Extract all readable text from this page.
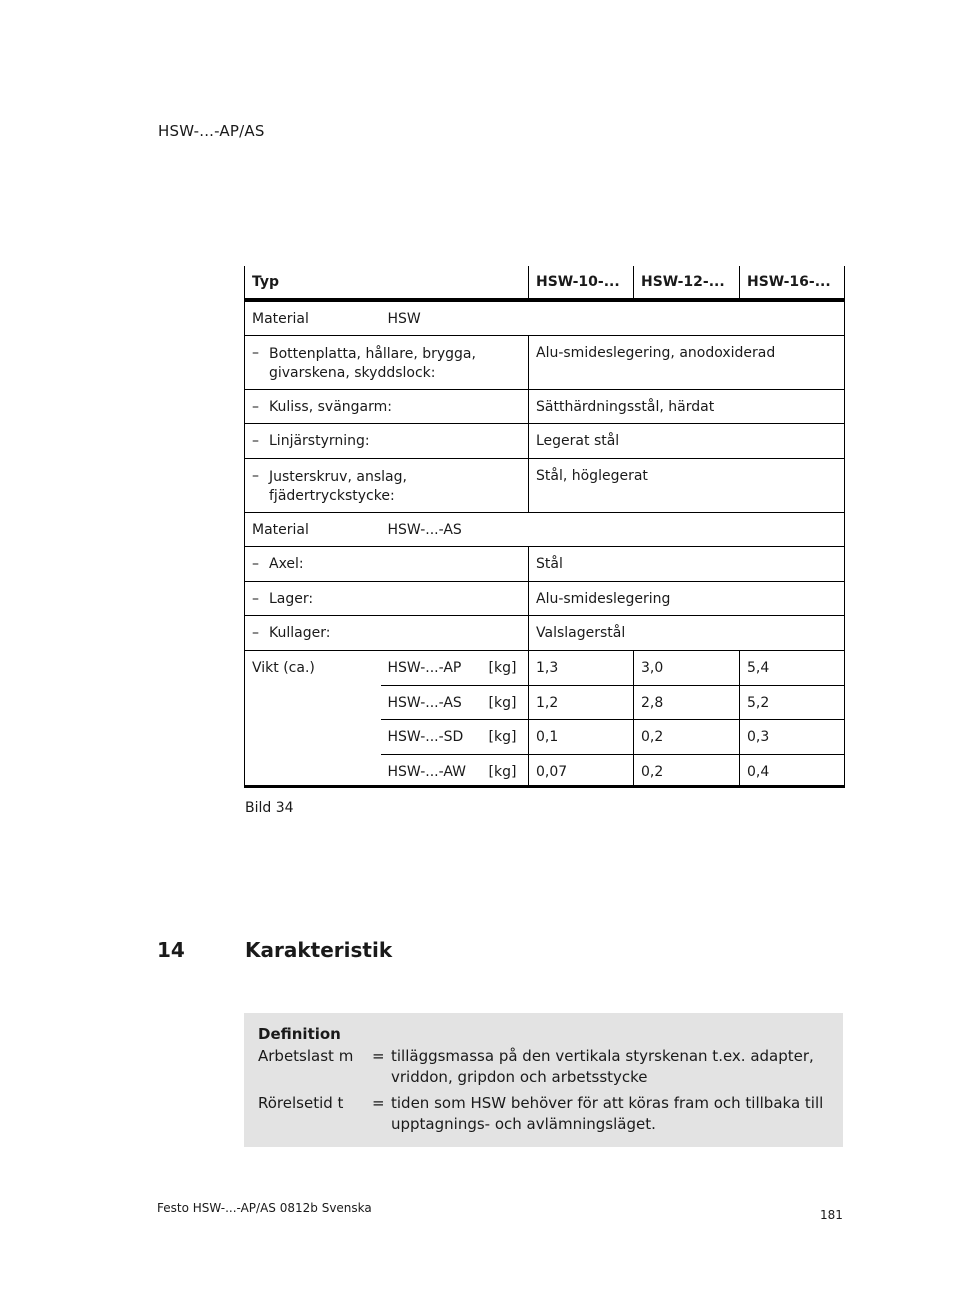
HSW-...-AP/AS
Typ			HSW-10-...	HSW-12-...	HSW-16-...
Material	HSW				

– Bottenplatta, hållare, brygga, givarskena, skyddslock:			Alu-smideslegering, anodoxiderad		

– Kuliss, svängarm:			Sätthärdningsstål, härdat		

– Linjärstyrning:			Legerat stål		

– Justerskruv, anslag, fjädertryckstycke:			Stål, höglegerat		
Material	HSW-...-AS				

– Axel:			Stål		

– Lager:			Alu-smideslegering		

– Kullager:			Valslagerstål		
Vikt (ca.)	HSW-...-AP	[kg]	1,3	3,0	5,4
	HSW-...-AS	[kg]	1,2	2,8	5,2
	HSW-...-SD	[kg]	0,1	0,2	0,3
	HSW-...-AW	[kg]	0,07	0,2	0,4
Bild 34
14	Karakteristik
Definition
Arbetslast m = tilläggsmassa på den vertikala styrskenan t.ex. adapter, vriddon, gripdon och arbetsstycke
Rörelsetid t = tiden som HSW behöver för att köras fram och tillbaka till upptagnings- och avlämningsläget.
Festo HSW-...-AP/AS 0812b Svenska	181
